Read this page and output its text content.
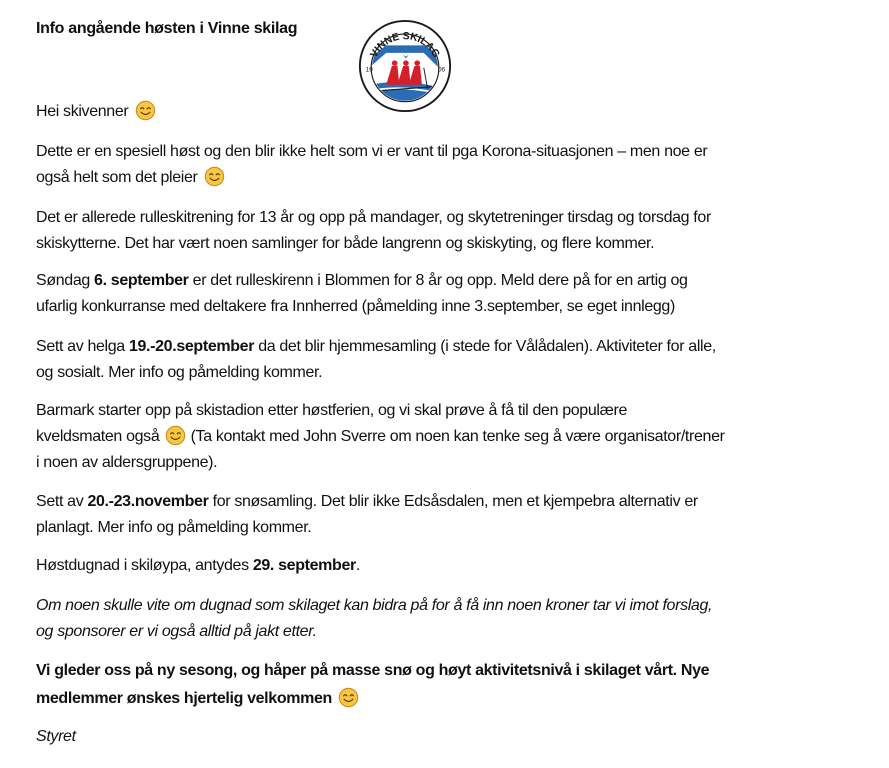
Info angående høsten i Vinne skilag
VINNE SKILAG
19	06

Hei skivenner

Dette er en spesiell høst og den blir ikke helt som vi er vant til pga Korona-situasjonen – men noe er
også helt som det pleier

Det er allerede rulleskitrening for 13 år og opp på mandager, og skytetreninger tirsdag og torsdag for
skiskytterne. Det har vært noen samlinger for både langrenn og skiskyting, og flere kommer.

Søndag 6. september er det rulleskirenn i Blommen for 8 år og opp. Meld dere på for en artig og
ufarlig konkurranse med deltakere fra Innherred (påmelding inne 3.september, se eget innlegg)

Sett av helga 19.-20.september da det blir hjemmesamling (i stede for Vålådalen). Aktiviteter for alle,
og sosialt. Mer info og påmelding kommer.

Barmark starter opp på skistadion etter høstferien, og vi skal prøve å få til den populære
kveldsmaten også  (Ta kontakt med John Sverre om noen kan tenke seg å være organisator/trener
i noen av aldersgruppene).

Sett av 20.-23.november for snøsamling. Det blir ikke Edsåsdalen, men et kjempebra alternativ er
planlagt. Mer info og påmelding kommer.

Høstdugnad i skiløypa, antydes 29. september.

Om noen skulle vite om dugnad som skilaget kan bidra på for å få inn noen kroner tar vi imot forslag,
og sponsorer er vi også alltid på jakt etter.

Vi gleder oss på ny sesong, og håper på masse snø og høyt aktivitetsnivå i skilaget vårt. Nye
medlemmer ønskes hjertelig velkommen

Styret
